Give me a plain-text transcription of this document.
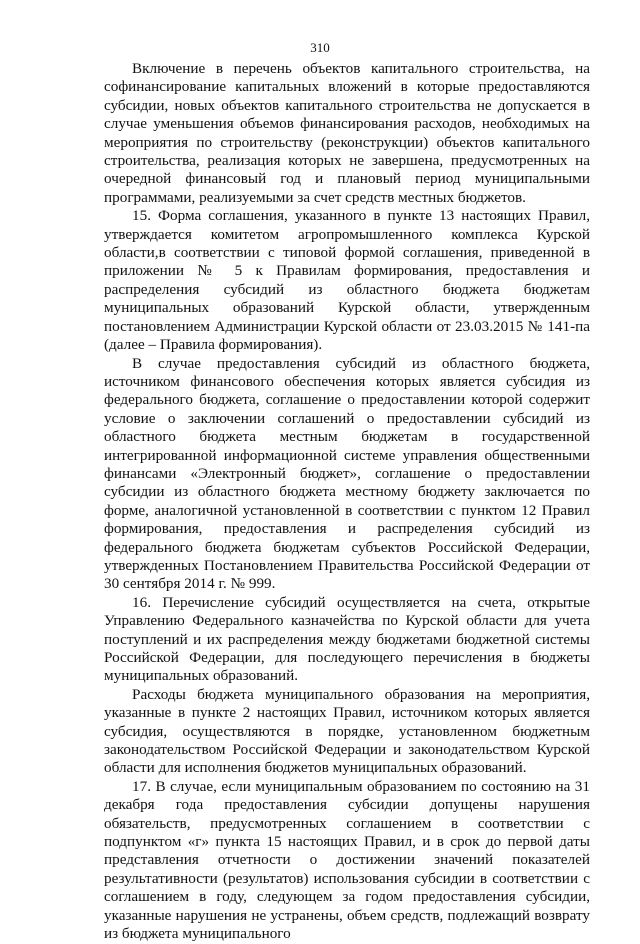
310

Включение в перечень объектов капитального строительства, на софинансирование капитальных вложений в которые предоставляются субсидии, новых объектов капитального строительства не допускается в случае уменьшения объемов финансирования расходов, необходимых на мероприятия по строительству (реконструкции) объектов капитального строительства, реализация которых не завершена, предусмотренных на очередной финансовый год и плановый период муниципальными программами, реализуемыми за счет средств местных бюджетов.

15. Форма соглашения, указанного в пункте 13 настоящих Правил, утверждается комитетом агропромышленного комплекса Курской области,в соответствии с типовой формой соглашения, приведенной в приложении № 5 к Правилам формирования, предоставления и распределения субсидий из областного бюджета бюджетам муниципальных образований Курской области, утвержденным постановлением Администрации Курской области от 23.03.2015 № 141-па (далее – Правила формирования).

В случае предоставления субсидий из областного бюджета, источником финансового обеспечения которых является субсидия из федерального бюджета, соглашение о предоставлении которой содержит условие о заключении соглашений о предоставлении субсидий из областного бюджета местным бюджетам в государственной интегрированной информационной системе управления общественными финансами «Электронный бюджет», соглашение о предоставлении субсидии из областного бюджета местному бюджету заключается по форме, аналогичной установленной в соответствии с пунктом 12 Правил формирования, предоставления и распределения субсидий из федерального бюджета бюджетам субъектов Российской Федерации, утвержденных Постановлением Правительства Российской Федерации от 30 сентября 2014 г. № 999.

16. Перечисление субсидий осуществляется на счета, открытые Управлению Федерального казначейства по Курской области для учета поступлений и их распределения между бюджетами бюджетной системы Российской Федерации, для последующего перечисления в бюджеты муниципальных образований.

Расходы бюджета муниципального образования на мероприятия, указанные в пункте 2 настоящих Правил, источником которых является субсидия, осуществляются в порядке, установленном бюджетным законодательством Российской Федерации и законодательством Курской области для исполнения бюджетов муниципальных образований.

17. В случае, если муниципальным образованием по состоянию на 31 декабря года предоставления субсидии допущены нарушения обязательств, предусмотренных соглашением в соответствии с подпунктом «г» пункта 15 настоящих Правил, и в срок до первой даты представления отчетности о достижении значений показателей результативности (результатов) использования субсидии в соответствии с соглашением в году, следующем за годом предоставления субсидии, указанные нарушения не устранены, объем средств, подлежащий возврату из бюджета муниципального
